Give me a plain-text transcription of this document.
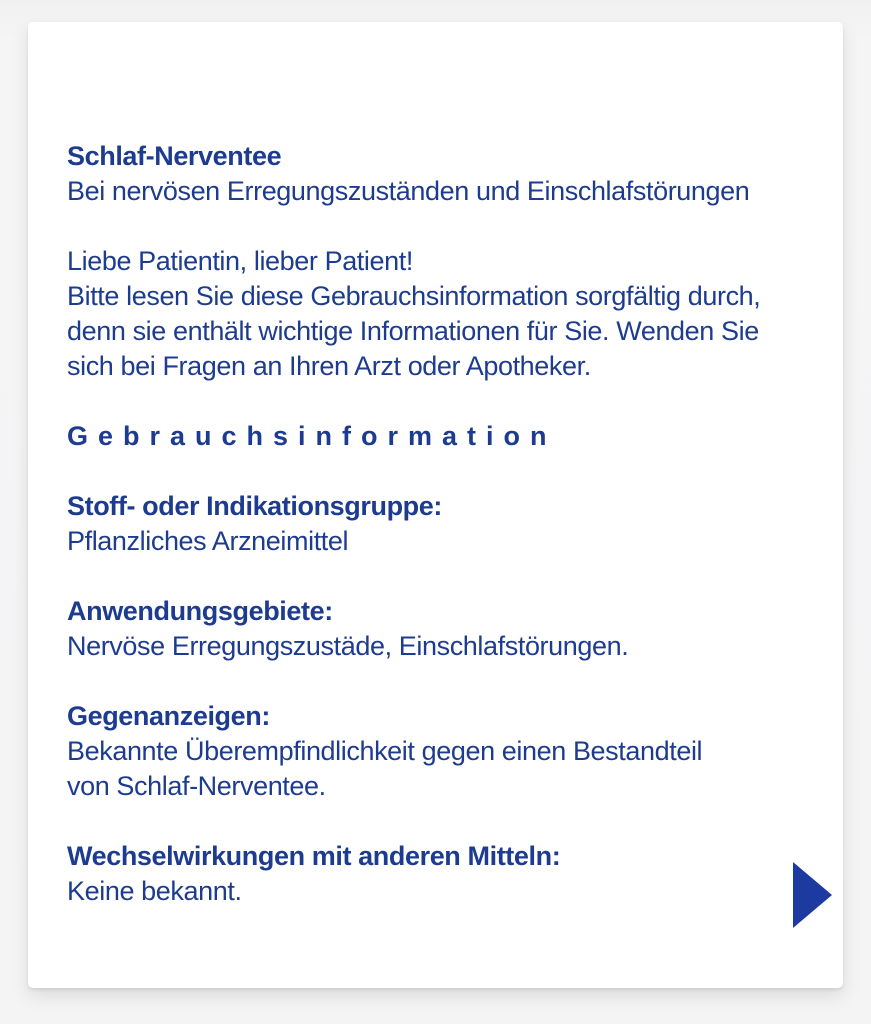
Schlaf-Nerventee
Bei nervösen Erregungszuständen und Einschlafstörungen
Liebe Patientin, lieber Patient!
Bitte lesen Sie diese Gebrauchsinformation sorgfältig durch,
denn sie enthält wichtige Informationen für Sie. Wenden Sie
sich bei Fragen an Ihren Arzt oder Apotheker.
Gebrauchsinformation
Stoff- oder Indikationsgruppe:
Pflanzliches Arzneimittel
Anwendungsgebiete:
Nervöse Erregungszustäde, Einschlafstörungen.
Gegenanzeigen:
Bekannte Überempfindlichkeit gegen einen Bestandteil
von Schlaf-Nerventee.
Wechselwirkungen mit anderen Mitteln:
Keine bekannt.
